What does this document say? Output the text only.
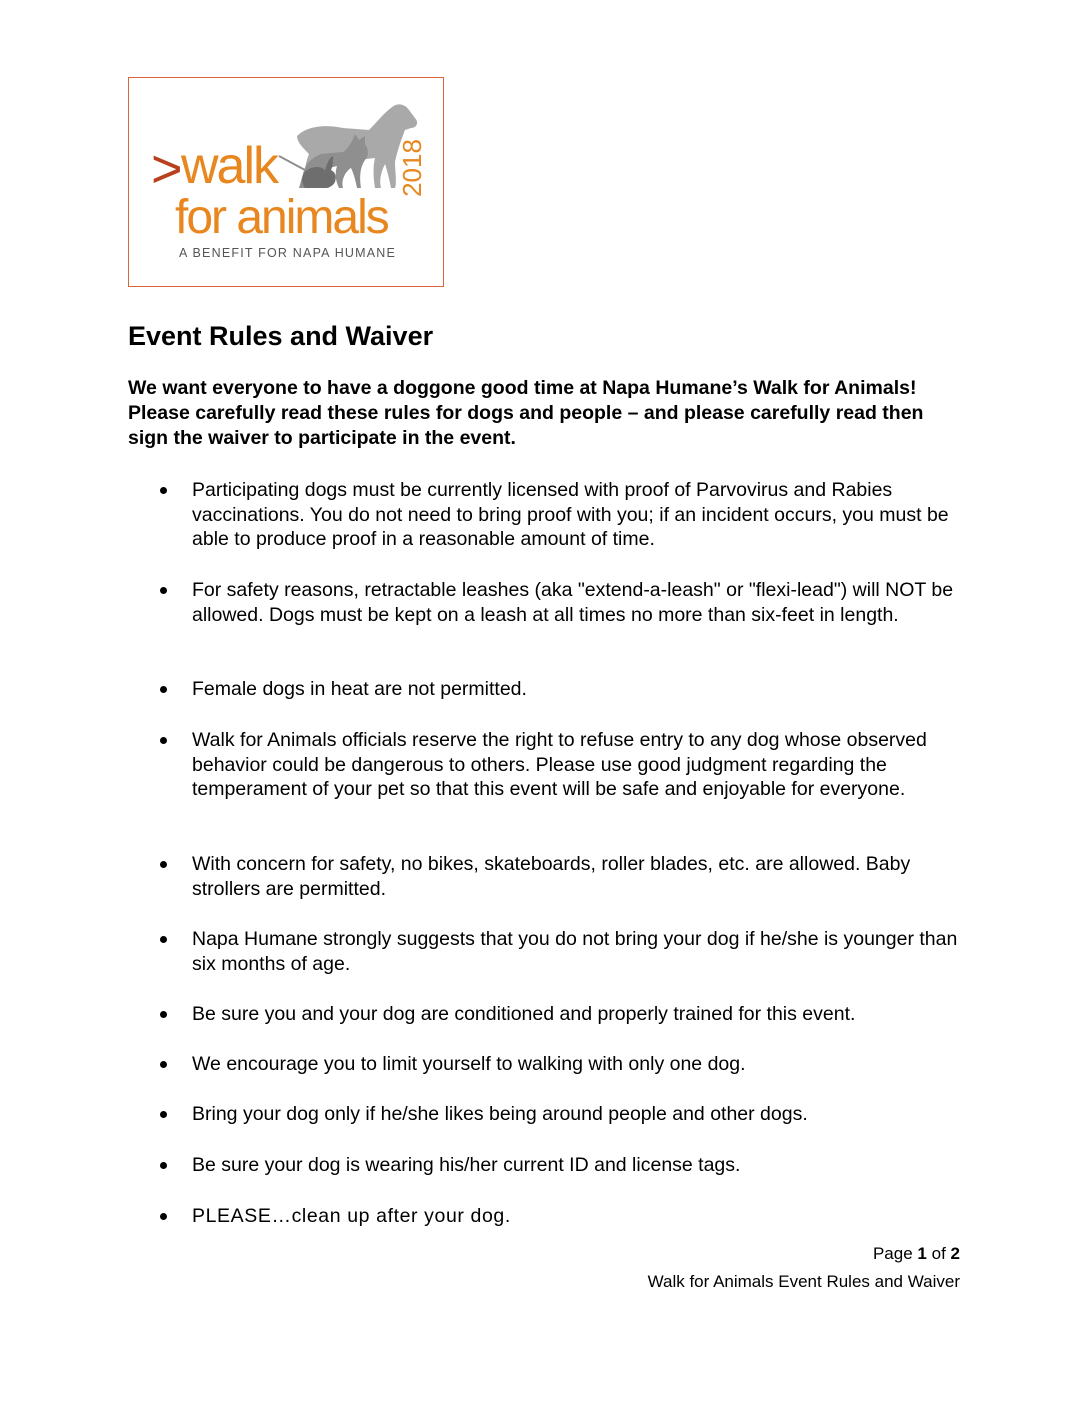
> walk
for animals
2018
A BENEFIT FOR NAPA HUMANE
Event Rules and Waiver

We want everyone to have a doggone good time at Napa Humane’s Walk for Animals! Please carefully read these rules for dogs and people – and please carefully read then sign the waiver to participate in the event.

Participating dogs must be currently licensed with proof of Parvovirus and Rabies vaccinations. You do not need to bring proof with you; if an incident occurs, you must be able to produce proof in a reasonable amount of time.
For safety reasons, retractable leashes (aka "extend-a-leash" or "flexi-lead") will NOT be allowed. Dogs must be kept on a leash at all times no more than six-feet in length.
Female dogs in heat are not permitted.
Walk for Animals officials reserve the right to refuse entry to any dog whose observed behavior could be dangerous to others. Please use good judgment regarding the temperament of your pet so that this event will be safe and enjoyable for everyone.
With concern for safety, no bikes, skateboards, roller blades, etc. are allowed. Baby strollers are permitted.
Napa Humane strongly suggests that you do not bring your dog if he/she is younger than six months of age.
Be sure you and your dog are conditioned and properly trained for this event.
We encourage you to limit yourself to walking with only one dog.
Bring your dog only if he/she likes being around people and other dogs.
Be sure your dog is wearing his/her current ID and license tags.
PLEASE…clean up after your dog.
Page 1 of 2
Walk for Animals Event Rules and Waiver
